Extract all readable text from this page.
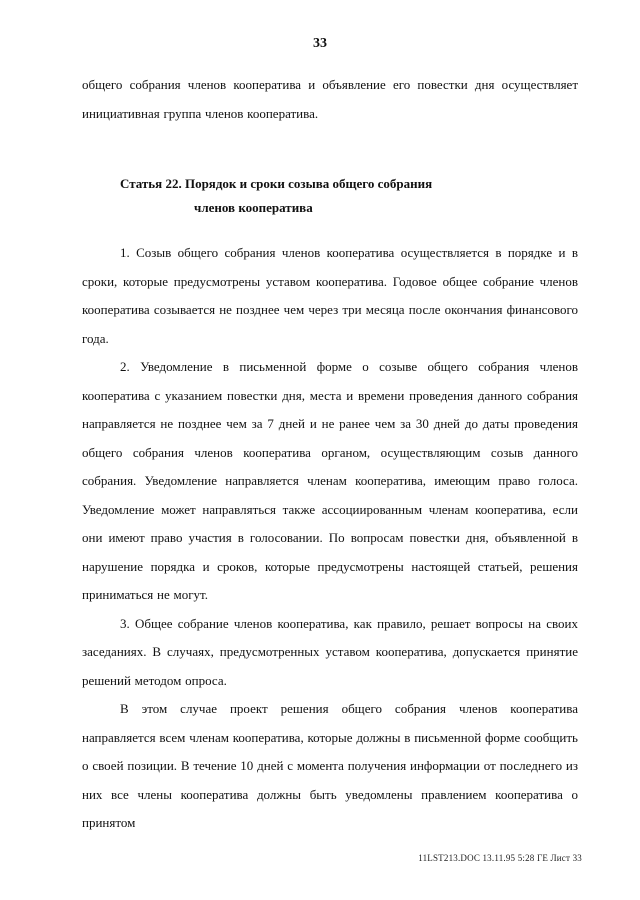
33
общего собрания членов кооператива и объявление его повестки дня осуществляет инициативная группа членов кооператива.
Статья 22. Порядок и сроки созыва общего собрания
членов кооператива

1. Созыв общего собрания членов кооператива осуществляется в порядке и в сроки, которые предусмотрены уставом кооператива. Годовое общее собрание членов кооператива созывается не позднее чем через три месяца после окончания финансового года.

2. Уведомление в письменной форме о созыве общего собрания членов кооператива с указанием повестки дня, места и времени проведения данного собрания направляется не позднее чем за 7 дней и не ранее чем за 30 дней до даты проведения общего собрания членов кооператива органом, осуществляющим созыв данного собрания. Уведомление направляется членам кооператива, имеющим право голоса. Уведомление может направляться также ассоциированным членам кооператива, если они имеют право участия в голосовании. По вопросам повестки дня, объявленной в нарушение порядка и сроков, которые предусмотрены настоящей статьей, решения приниматься не могут.

3. Общее собрание членов кооператива, как правило, решает вопросы на своих заседаниях. В случаях, предусмотренных уставом кооператива, допускается принятие решений методом опроса.

В этом случае проект решения общего собрания членов кооператива направляется всем членам кооператива, которые должны в письменной форме сообщить о своей позиции. В течение 10 дней с момента получения информации от последнего из них все члены кооператива должны быть уведомлены правлением кооператива о принятом

11LST213.DOC 13.11.95 5:28 ГЕ Лист 33
